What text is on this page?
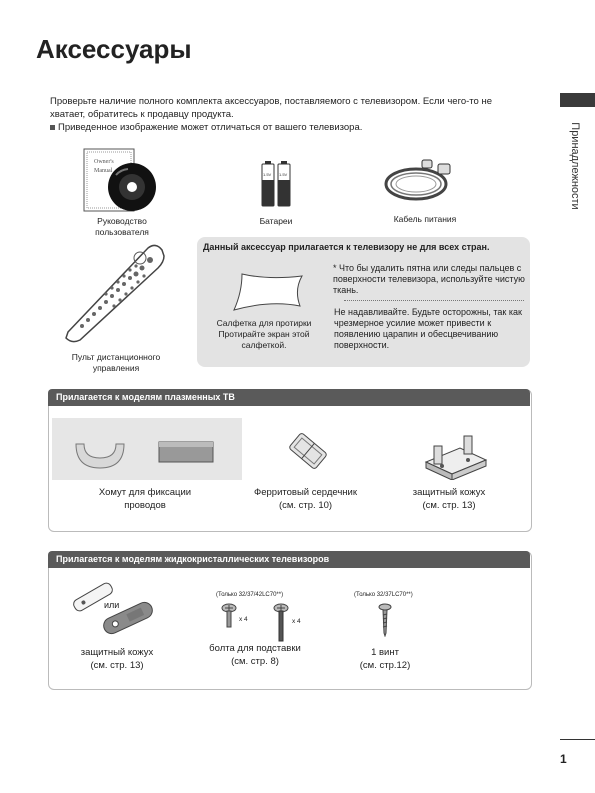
Аксессуары
Проверьте наличие полного комплекта аксессуаров, поставляемого с телевизором. Если чего-то не хватает, обратитесь к продавцу продукта.
Приведенное изображение может отличаться от вашего телевизора.	Принадлежности
Owner's
Manual
Руководство пользователя
1.5V 1.5V
Батареи	Кабель питания
Пульт дистанционного управления
Данный аксессуар прилагается к телевизору не для всех стран.
Салфетка для протирки Протирайте экран этой салфеткой.
* Что бы удалить пятна или следы пальцев с поверхности телевизора, используйте чистую ткань.
Не надавливайте. Будьте осторожны, так как чрезмерное усилие может привести к появлению царапин и обесцвечиванию поверхности.
Прилагается к моделям плазменных ТВ
Хомут для фиксации проводов
Ферритовый сердечник
(см. стр. 10)
защитный кожух
(см. стр. 13)
Прилагается к моделям жидкокристаллических телевизоров
или
защитный кожух
(см. стр. 13)
(Только 32/37/42LC70**)
x 4	x 4
болта для подставки
(см. стр. 8)
(Только 32/37LC70**)
1 винт
(см. стр.12)
1
